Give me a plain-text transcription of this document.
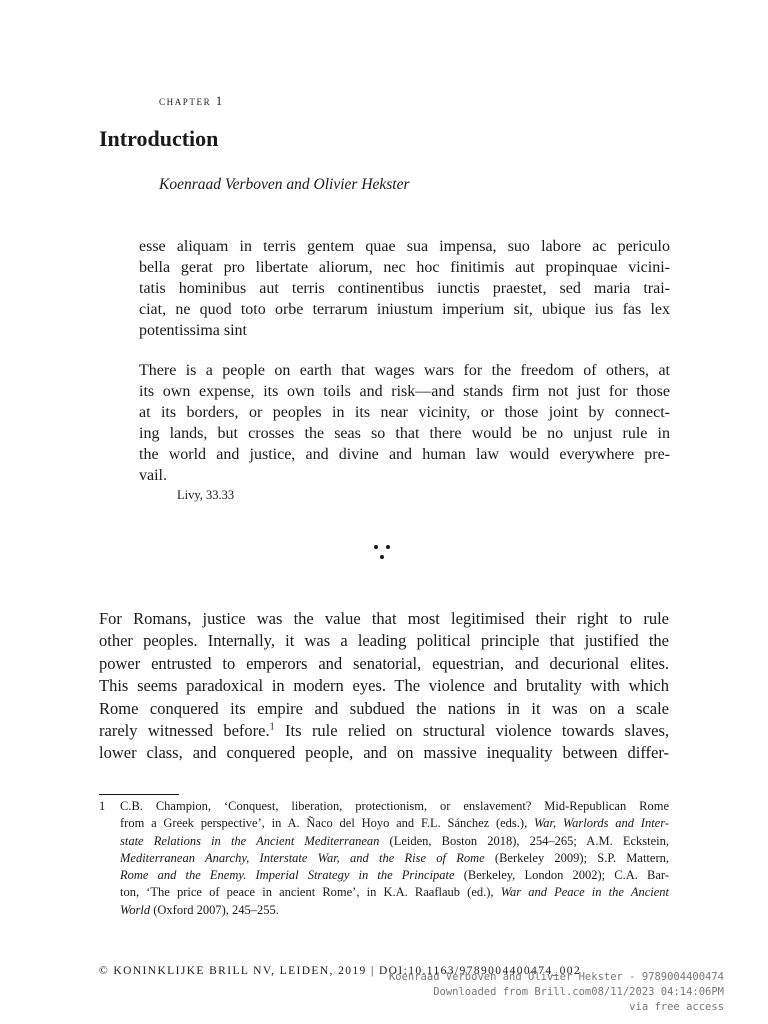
chapter 1
Introduction
Koenraad Verboven and Olivier Hekster
esse aliquam in terris gentem quae sua impensa, suo labore ac periculo
bella gerat pro libertate aliorum, nec hoc finitimis aut propinquae vicini-
tatis hominibus aut terris continentibus iunctis praestet, sed maria trai-
ciat, ne quod toto orbe terrarum iniustum imperium sit, ubique ius fas lex
potentissima sint
There is a people on earth that wages wars for the freedom of others, at
its own expense, its own toils and risk—and stands firm not just for those
at its borders, or peoples in its near vicinity, or those joint by connect-
ing lands, but crosses the seas so that there would be no unjust rule in
the world and justice, and divine and human law would everywhere pre-
vail.
Livy, 33.33
For Romans, justice was the value that most legitimised their right to rule
other peoples. Internally, it was a leading political principle that justified the
power entrusted to emperors and senatorial, equestrian, and decurional elites.
This seems paradoxical in modern eyes. The violence and brutality with which
Rome conquered its empire and subdued the nations in it was on a scale
rarely witnessed before.$^1$ Its rule relied on structural violence towards slaves,
lower class, and conquered people, and on massive inequality between differ-
1 C.B. Champion, ‘Conquest, liberation, protectionism, or enslavement? Mid-Republican Rome
from a Greek perspective’, in A. Ñaco del Hoyo and F.L. Sánchez (eds.), War, Warlords and Inter-
state Relations in the Ancient Mediterranean (Leiden, Boston 2018), 254–265; A.M. Eckstein,
Mediterranean Anarchy, Interstate War, and the Rise of Rome (Berkeley 2009); S.P. Mattern,
Rome and the Enemy. Imperial Strategy in the Principate (Berkeley, London 2002); C.A. Bar-
ton, ‘The price of peace in ancient Rome’, in K.A. Raaflaub (ed.), War and Peace in the Ancient
World (Oxford 2007), 245–255.
© KONINKLIJKE BRILL NV, LEIDEN, 2019 | DOI:10.1163/9789004400474_002
Koenraad Verboven and Olivier Hekster - 9789004400474
Downloaded from Brill.com08/11/2023 04:14:06PM
via free access
